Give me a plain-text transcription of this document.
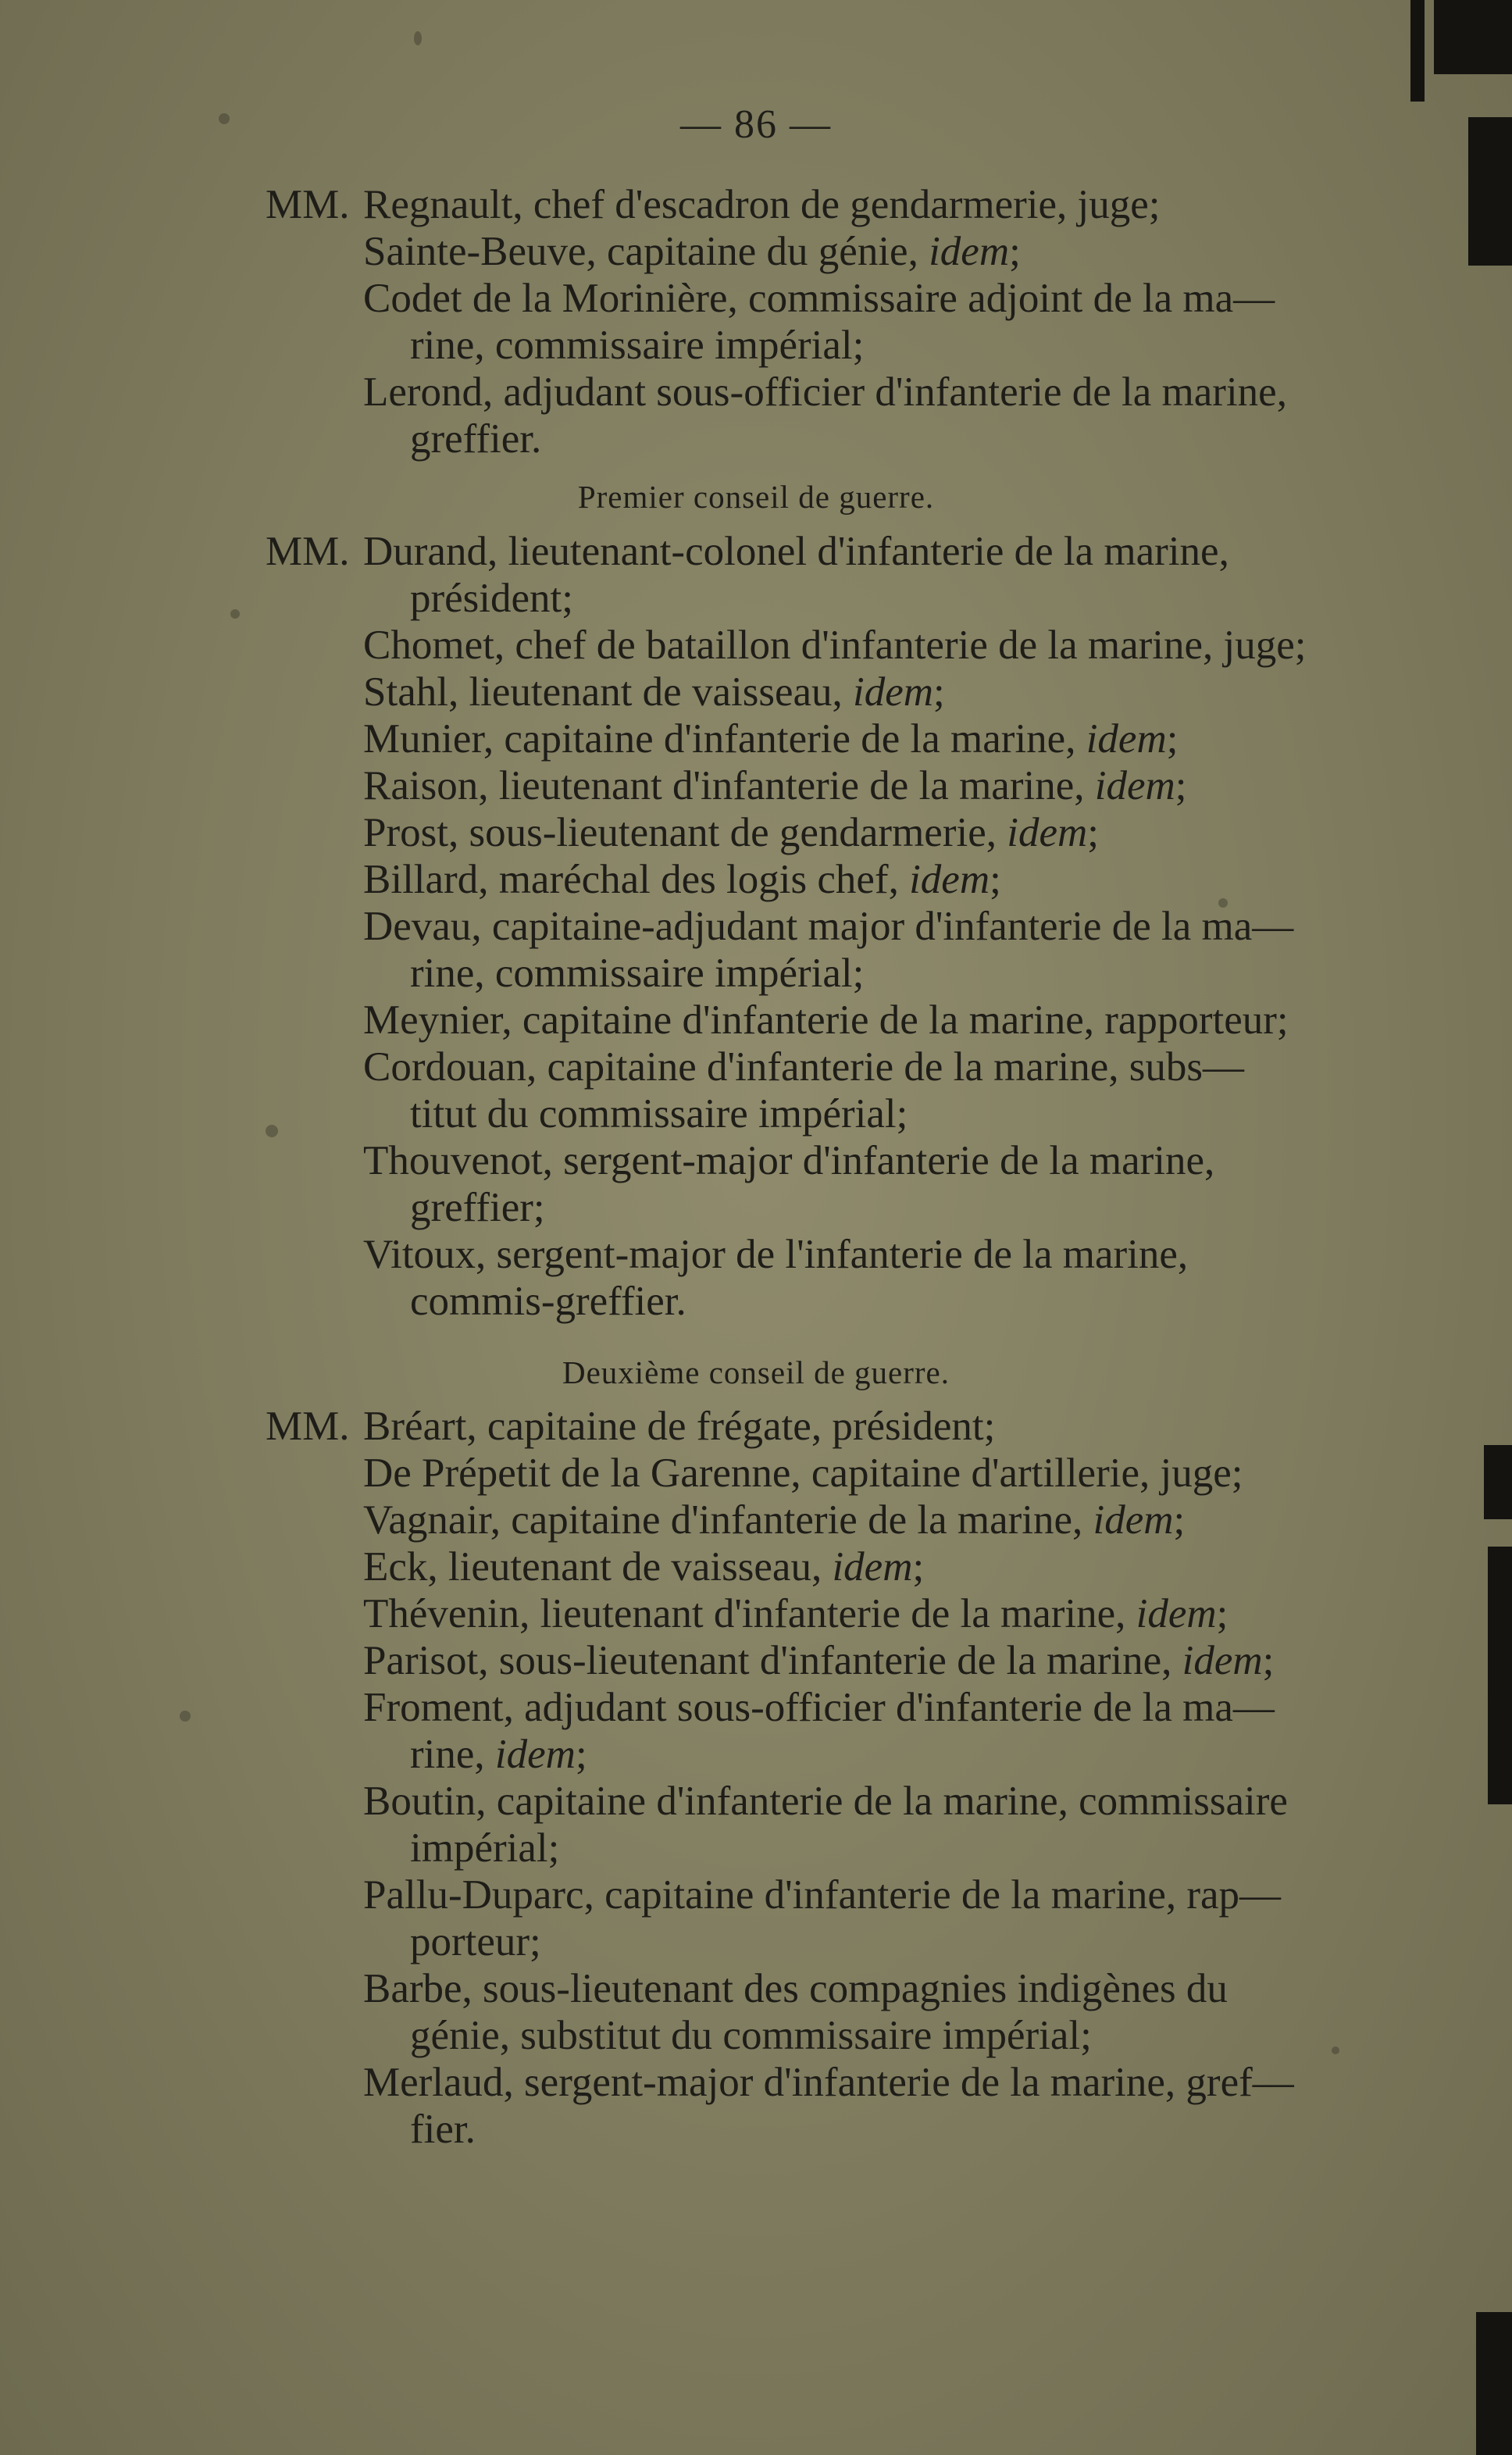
— 86 —
MM. Regnault, chef d'escadron de gendarmerie, juge;
Sainte-Beuve, capitaine du génie, idem;
Codet de la Morinière, commissaire adjoint de la ma—
rine, commissaire impérial;
Lerond, adjudant sous-officier d'infanterie de la marine,
greffier.
Premier conseil de guerre.
MM. Durand, lieutenant-colonel d'infanterie de la marine,
président;
Chomet, chef de bataillon d'infanterie de la marine, juge;
Stahl, lieutenant de vaisseau, idem;
Munier, capitaine d'infanterie de la marine, idem;
Raison, lieutenant d'infanterie de la marine, idem;
Prost, sous-lieutenant de gendarmerie, idem;
Billard, maréchal des logis chef, idem;
Devau, capitaine-adjudant major d'infanterie de la ma—
rine, commissaire impérial;
Meynier, capitaine d'infanterie de la marine, rapporteur;
Cordouan, capitaine d'infanterie de la marine, subs—
titut du commissaire impérial;
Thouvenot, sergent-major d'infanterie de la marine,
greffier;
Vitoux, sergent-major de l'infanterie de la marine,
commis-greffier.
Deuxième conseil de guerre.
MM. Bréart, capitaine de frégate, président;
De Prépetit de la Garenne, capitaine d'artillerie, juge;
Vagnair, capitaine d'infanterie de la marine, idem;
Eck, lieutenant de vaisseau, idem;
Thévenin, lieutenant d'infanterie de la marine, idem;
Parisot, sous-lieutenant d'infanterie de la marine, idem;
Froment, adjudant sous-officier d'infanterie de la ma—
rine, idem;
Boutin, capitaine d'infanterie de la marine, commissaire
impérial;
Pallu-Duparc, capitaine d'infanterie de la marine, rap—
porteur;
Barbe, sous-lieutenant des compagnies indigènes du
génie, substitut du commissaire impérial;
Merlaud, sergent-major d'infanterie de la marine, gref—
fier.
